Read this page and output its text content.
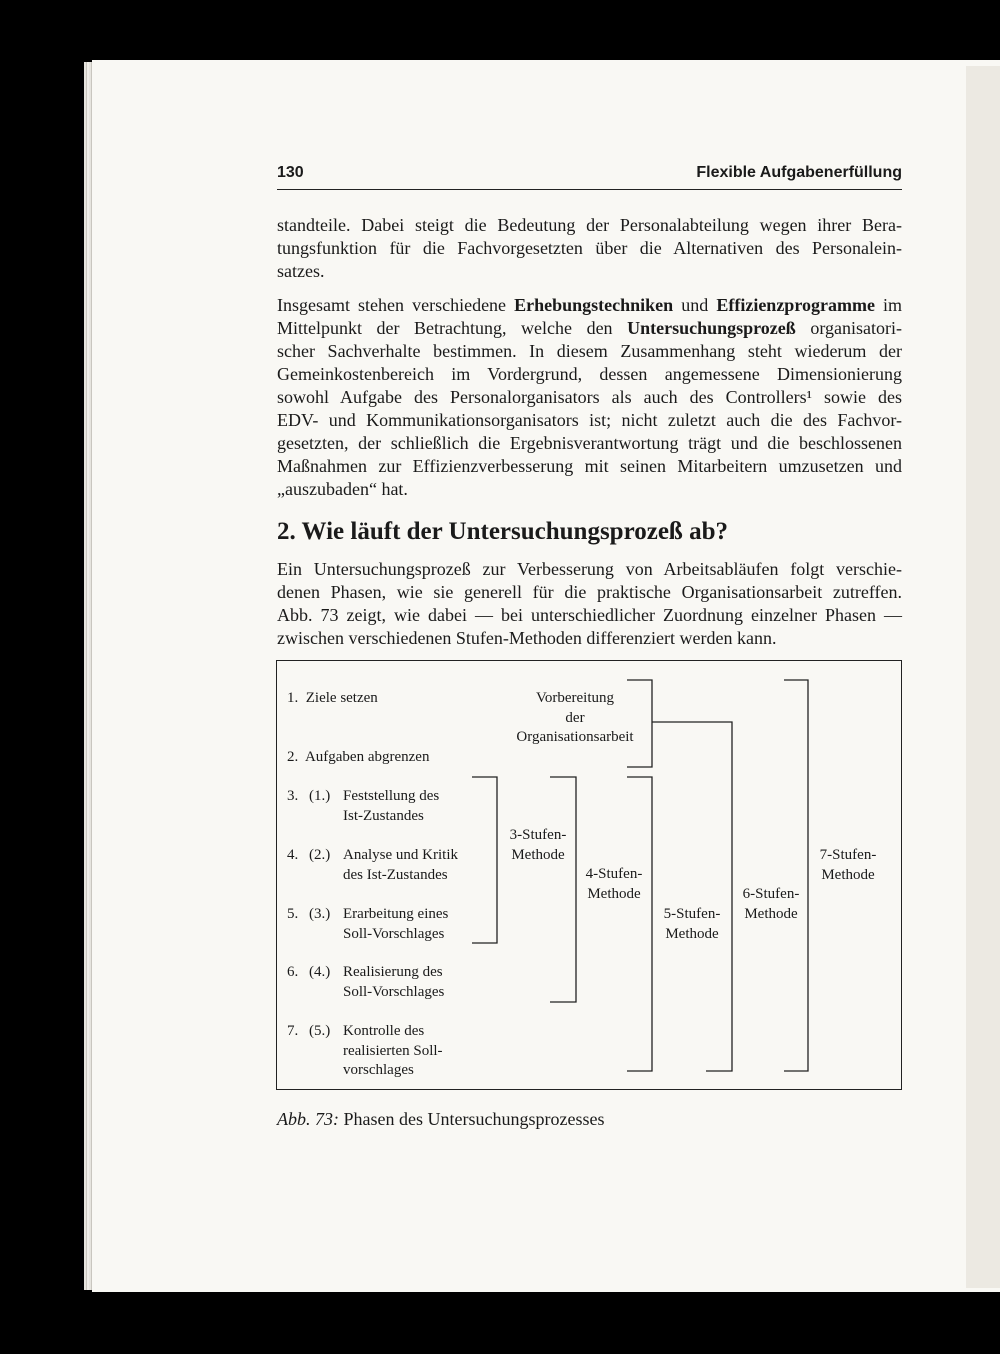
130	Flexible Aufgabenerfüllung
standteile. Dabei steigt die Bedeutung der Personalabteilung wegen ihrer Bera-
tungsfunktion für die Fachvorgesetzten über die Alternativen des Personalein-
satzes.
Insgesamt stehen verschiedene Erhebungstechniken und Effizienzprogramme im
Mittelpunkt der Betrachtung, welche den Untersuchungsprozeß organisatori-
scher Sachverhalte bestimmen. In diesem Zusammenhang steht wiederum der
Gemeinkostenbereich im Vordergrund, dessen angemessene Dimensionierung
sowohl Aufgabe des Personalorganisators als auch des Controllers¹ sowie des
EDV- und Kommunikationsorganisators ist; nicht zuletzt auch die des Fachvor-
gesetzten, der schließlich die Ergebnisverantwortung trägt und die beschlossenen
Maßnahmen zur Effizienzverbesserung mit seinen Mitarbeitern umzusetzen und
„auszubaden“ hat.
2. Wie läuft der Untersuchungsprozeß ab?
Ein Untersuchungsprozeß zur Verbesserung von Arbeitsabläufen folgt verschie-
denen Phasen, wie sie generell für die praktische Organisationsarbeit zutreffen.
Abb. 73 zeigt, wie dabei — bei unterschiedlicher Zuordnung einzelner Phasen —
zwischen verschiedenen Stufen-Methoden differenziert werden kann.
1. Ziele setzen
2. Aufgaben abgrenzen
3. (1.) Feststellung des
Ist-Zustandes
4. (2.) Analyse und Kritik
des Ist-Zustandes
5. (3.) Erarbeitung eines
Soll-Vorschlages
6. (4.) Realisierung des
Soll-Vorschlages
7. (5.) Kontrolle des
realisierten Soll-
vorschlages
Vorbereitung
der
Organisationsarbeit
3-Stufen-
Methode
4-Stufen-
Methode
5-Stufen-
Methode
6-Stufen-
Methode
7-Stufen-
Methode
Abb. 73: Phasen des Untersuchungsprozesses
